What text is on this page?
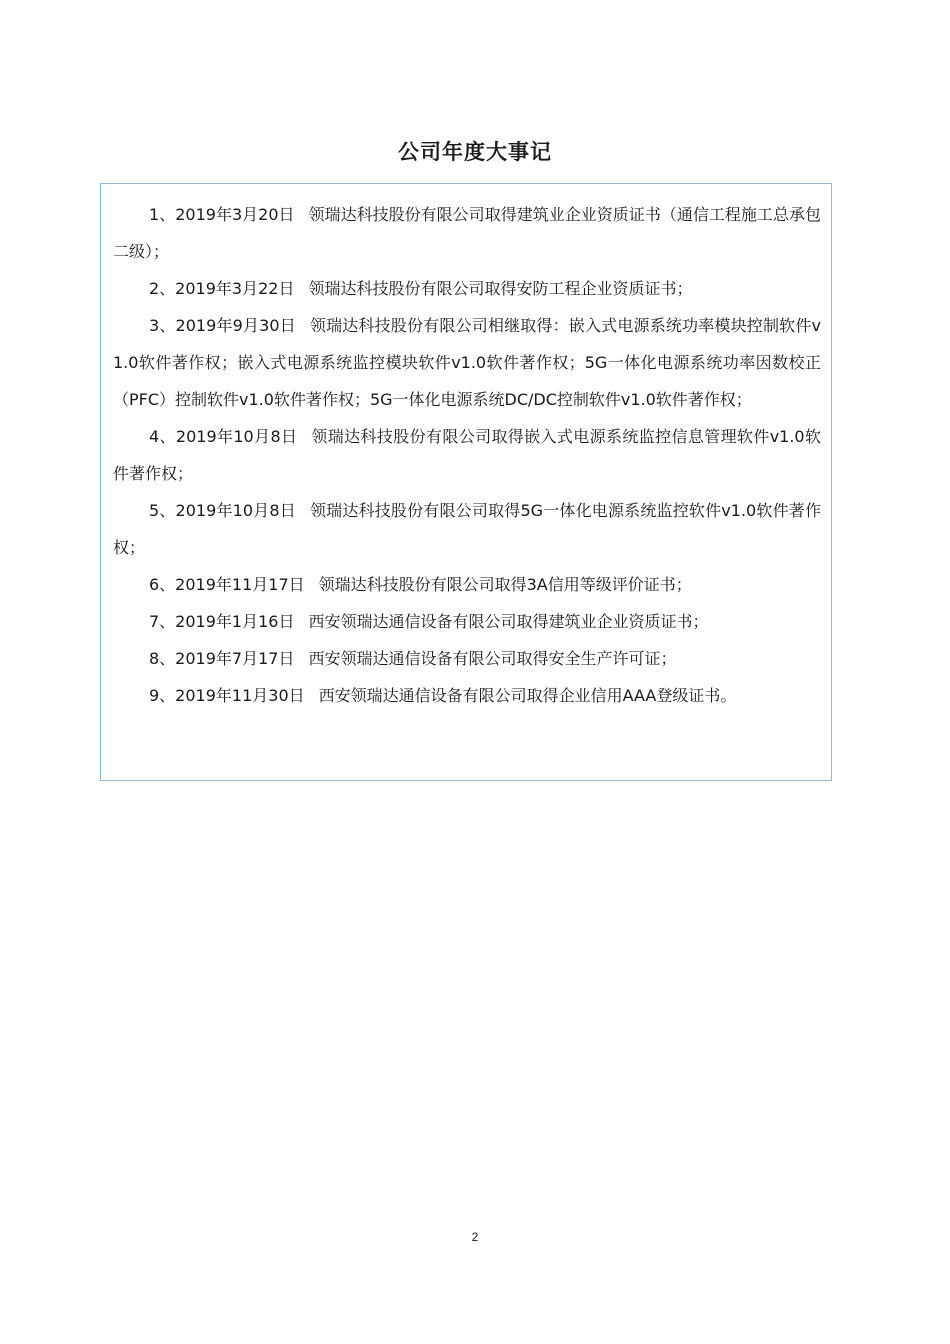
公司年度大事记

1、2019年3月20日 领瑞达科技股份有限公司取得建筑业企业资质证书（通信工程施工总承包二级）；

2、2019年3月22日 领瑞达科技股份有限公司取得安防工程企业资质证书；

3、2019年9月30日 领瑞达科技股份有限公司相继取得：嵌入式电源系统功率模块控制软件v1.0软件著作权；嵌入式电源系统监控模块软件v1.0软件著作权；5G一体化电源系统功率因数校正（PFC）控制软件v1.0软件著作权；5G一体化电源系统DC/DC控制软件v1.0软件著作权；

4、2019年10月8日 领瑞达科技股份有限公司取得嵌入式电源系统监控信息管理软件v1.0软件著作权；

5、2019年10月8日 领瑞达科技股份有限公司取得5G一体化电源系统监控软件v1.0软件著作权；

6、2019年11月17日 领瑞达科技股份有限公司取得3A信用等级评价证书；

7、2019年1月16日 西安领瑞达通信设备有限公司取得建筑业企业资质证书；

8、2019年7月17日 西安领瑞达通信设备有限公司取得安全生产许可证；

9、2019年11月30日 西安领瑞达通信设备有限公司取得企业信用AAA登级证书。

2
